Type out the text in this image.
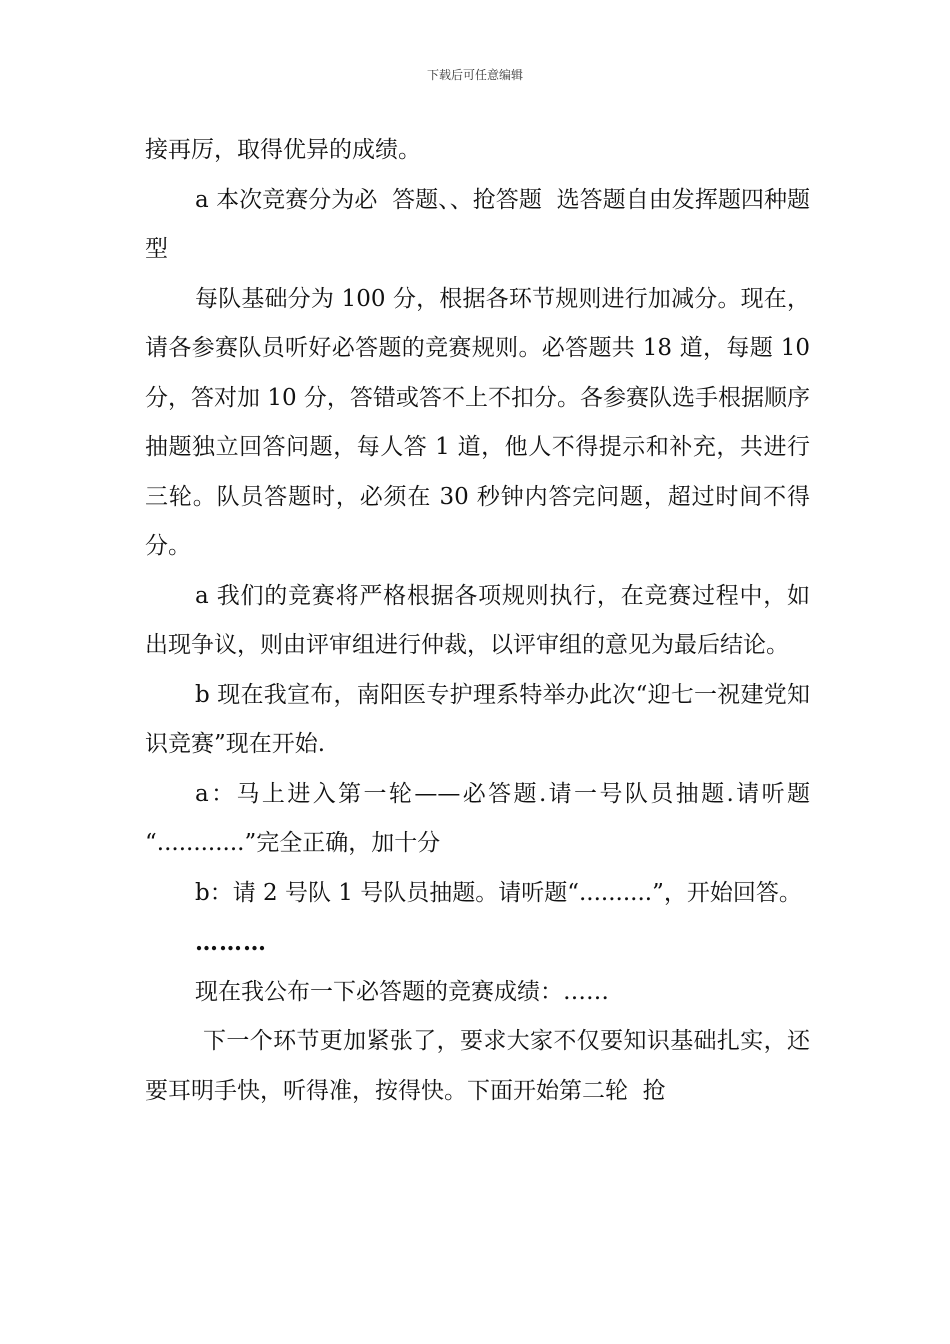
下载后可任意编辑

接再厉，取得优异的成绩。

a 本次竞赛分为必  答题、、抢答题  选答题自由发挥题四种题型

每队基础分为 100 分，根据各环节规则进行加减分。现在，请各参赛队员听好必答题的竞赛规则。必答题共 18 道，每题 10 分，答对加 10 分，答错或答不上不扣分。各参赛队选手根据顺序抽题独立回答问题，每人答 1 道，他人不得提示和补充，共进行三轮。队员答题时，必须在 30 秒钟内答完问题，超过时间不得分。

a 我们的竞赛将严格根据各项规则执行，在竞赛过程中，如出现争议，则由评审组进行仲裁，以评审组的意见为最后结论。

b 现在我宣布，南阳医专护理系特举办此次“迎七一祝建党知识竞赛”现在开始.

a：马上进入第一轮——必答题.请一号队员抽题.请听题  “............”完全正确，加十分

b：请 2 号队 1 号队员抽题。请听题“..........”，开始回答。

………

现在我公布一下必答题的竞赛成绩：……

下一个环节更加紧张了，要求大家不仅要知识基础扎实，还要耳明手快，听得准，按得快。下面开始第二轮  抢
